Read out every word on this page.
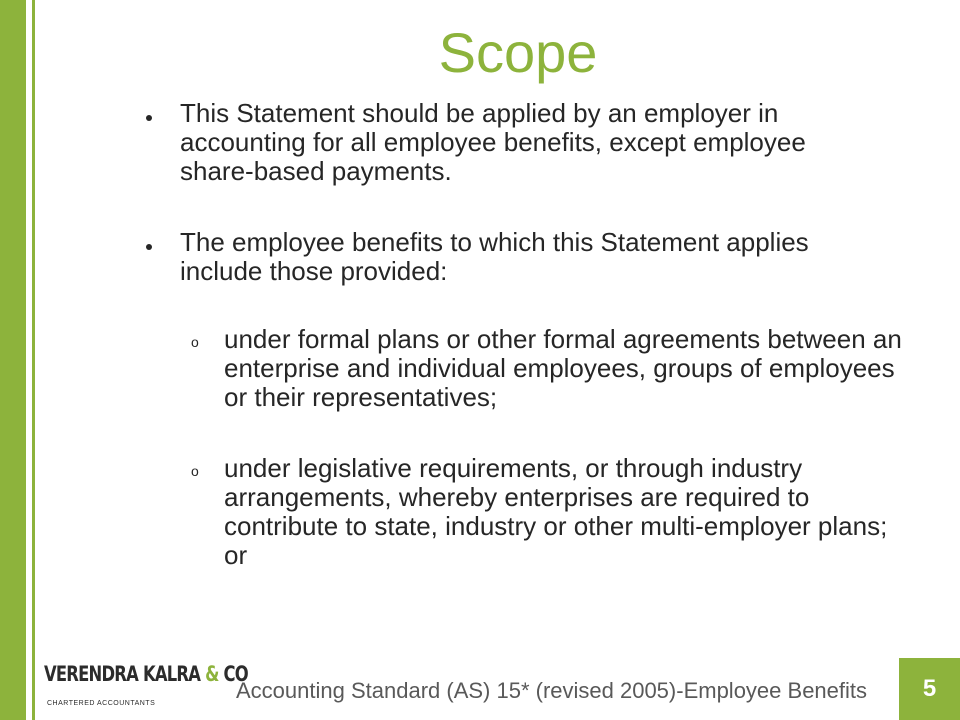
Scope

This Statement should be applied by an employer in accounting for all employee benefits, except employee share-based payments.

The employee benefits to which this Statement applies include those provided:

o under formal plans or other formal agreements between an enterprise and individual employees, groups of employees or their representatives;

o under legislative requirements, or through industry arrangements, whereby enterprises are required to contribute to state, industry or other multi-employer plans; or

VERENDRA KALRA & CO
CHARTERED ACCOUNTANTS

Accounting Standard (AS) 15* (revised 2005)-Employee Benefits	5
